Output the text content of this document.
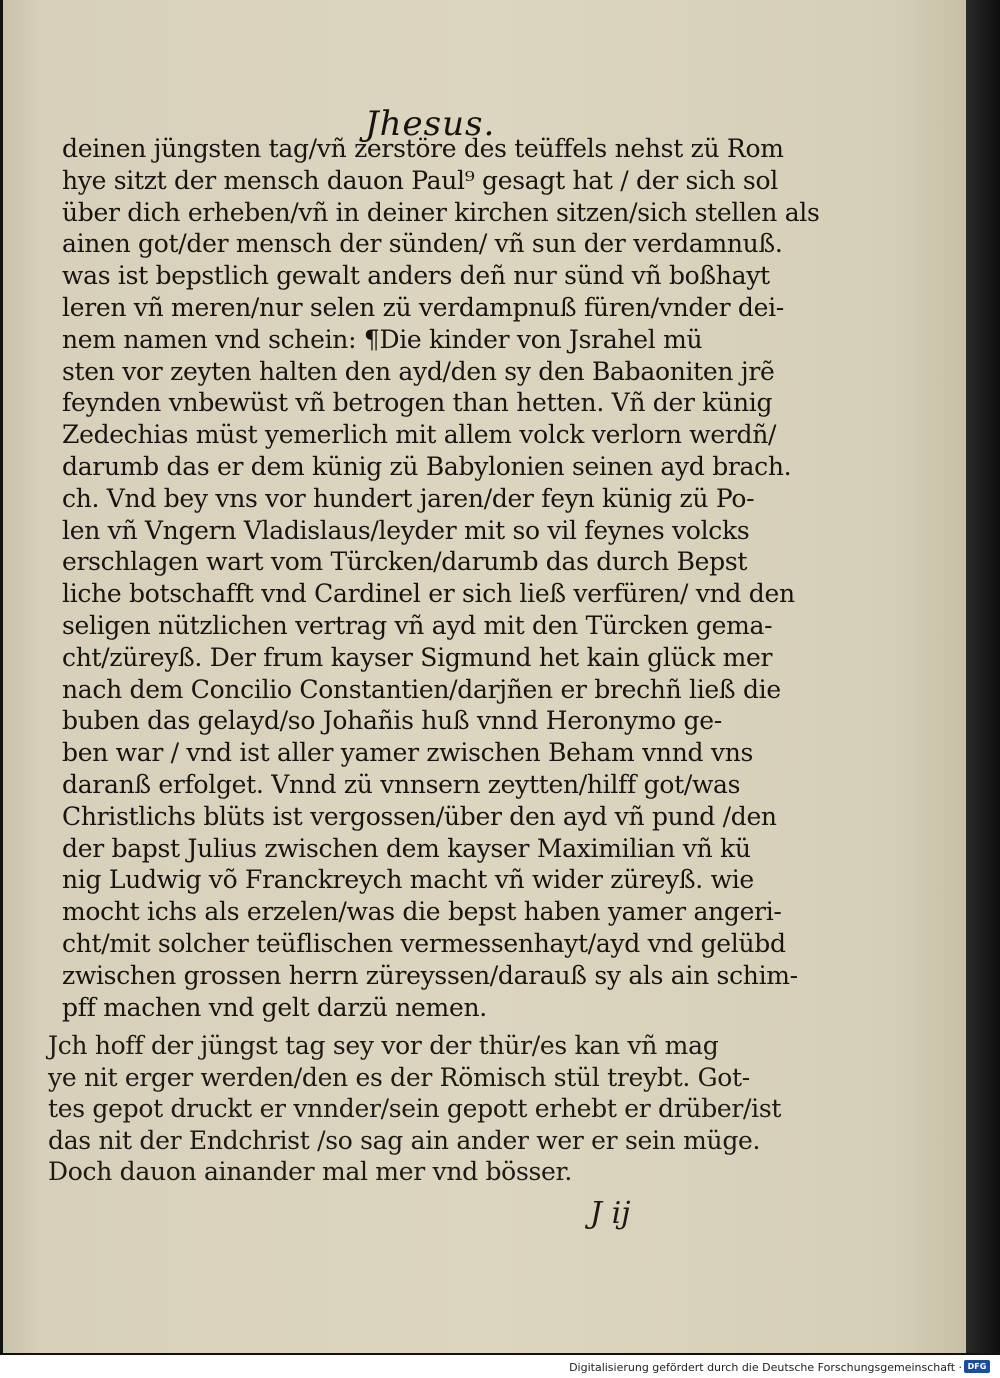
Jhesus.
deinen jüngsten tag/vñ zerstöre des teüffels nehst zü Rom
hye sitzt der mensch dauon Paul⁹ gesagt hat / der sich sol
über dich erheben/vñ in deiner kirchen sitzen/sich stellen als
ainen got/der mensch der sünden/ vñ sun der verdamnuß.
was ist bepstlich gewalt anders deñ nur sünd vñ boßhayt
leren vñ meren/nur selen zü verdampnuß füren/vnder dei-
nem namen vnd schein: ¶Die kinder von Jsrahel mü
sten vor zeyten halten den ayd/den sy den Babaoniten jrẽ
feynden vnbewüst vñ betrogen than hetten. Vñ der künig
Zedechias müst yemerlich mit allem volck verlorn werdñ/
darumb das er dem künig zü Babylonien seinen ayd brach.
ch. Vnd bey vns vor hundert jaren/der feyn künig zü Po-
len vñ Vngern Vladislaus/leyder mit so vil feynes volcks
erschlagen wart vom Türcken/darumb das durch Bepst
liche botschafft vnd Cardinel er sich ließ verfüren/ vnd den
seligen nützlichen vertrag vñ ayd mit den Türcken gema-
cht/züreyß. Der frum kayser Sigmund het kain glück mer
nach dem Concilio Constantien/darjñen er brechñ ließ die
buben das gelayd/so Johañis huß vnnd Heronymo ge-
ben war / vnd ist aller yamer zwischen Beham vnnd vns
daranß erfolget. Vnnd zü vnnsern zeytten/hilff got/was
Christlichs blüts ist vergossen/über den ayd vñ pund /den
der bapst Julius zwischen dem kayser Maximilian vñ kü
nig Ludwig võ Franckreych macht vñ wider züreyß. wie
mocht ichs als erzelen/was die bepst haben yamer angeri-
cht/mit solcher teüflischen vermessenhayt/ayd vnd gelübd
zwischen grossen herrn züreyssen/darauß sy als ain schim-
pff machen vnd gelt darzü nemen.
Jch hoff der jüngst tag sey vor der thür/es kan vñ mag
ye nit erger werden/den es der Römisch stül treybt. Got-
tes gepot druckt er vnnder/sein gepott erhebt er drüber/ist
das nit der Endchrist /so sag ain ander wer er sein müge.
Doch dauon ainander mal mer vnd bösser.
J ij
Digitalisierung gefördert durch die Deutsche Forschungsgemeinschaft · DFG
